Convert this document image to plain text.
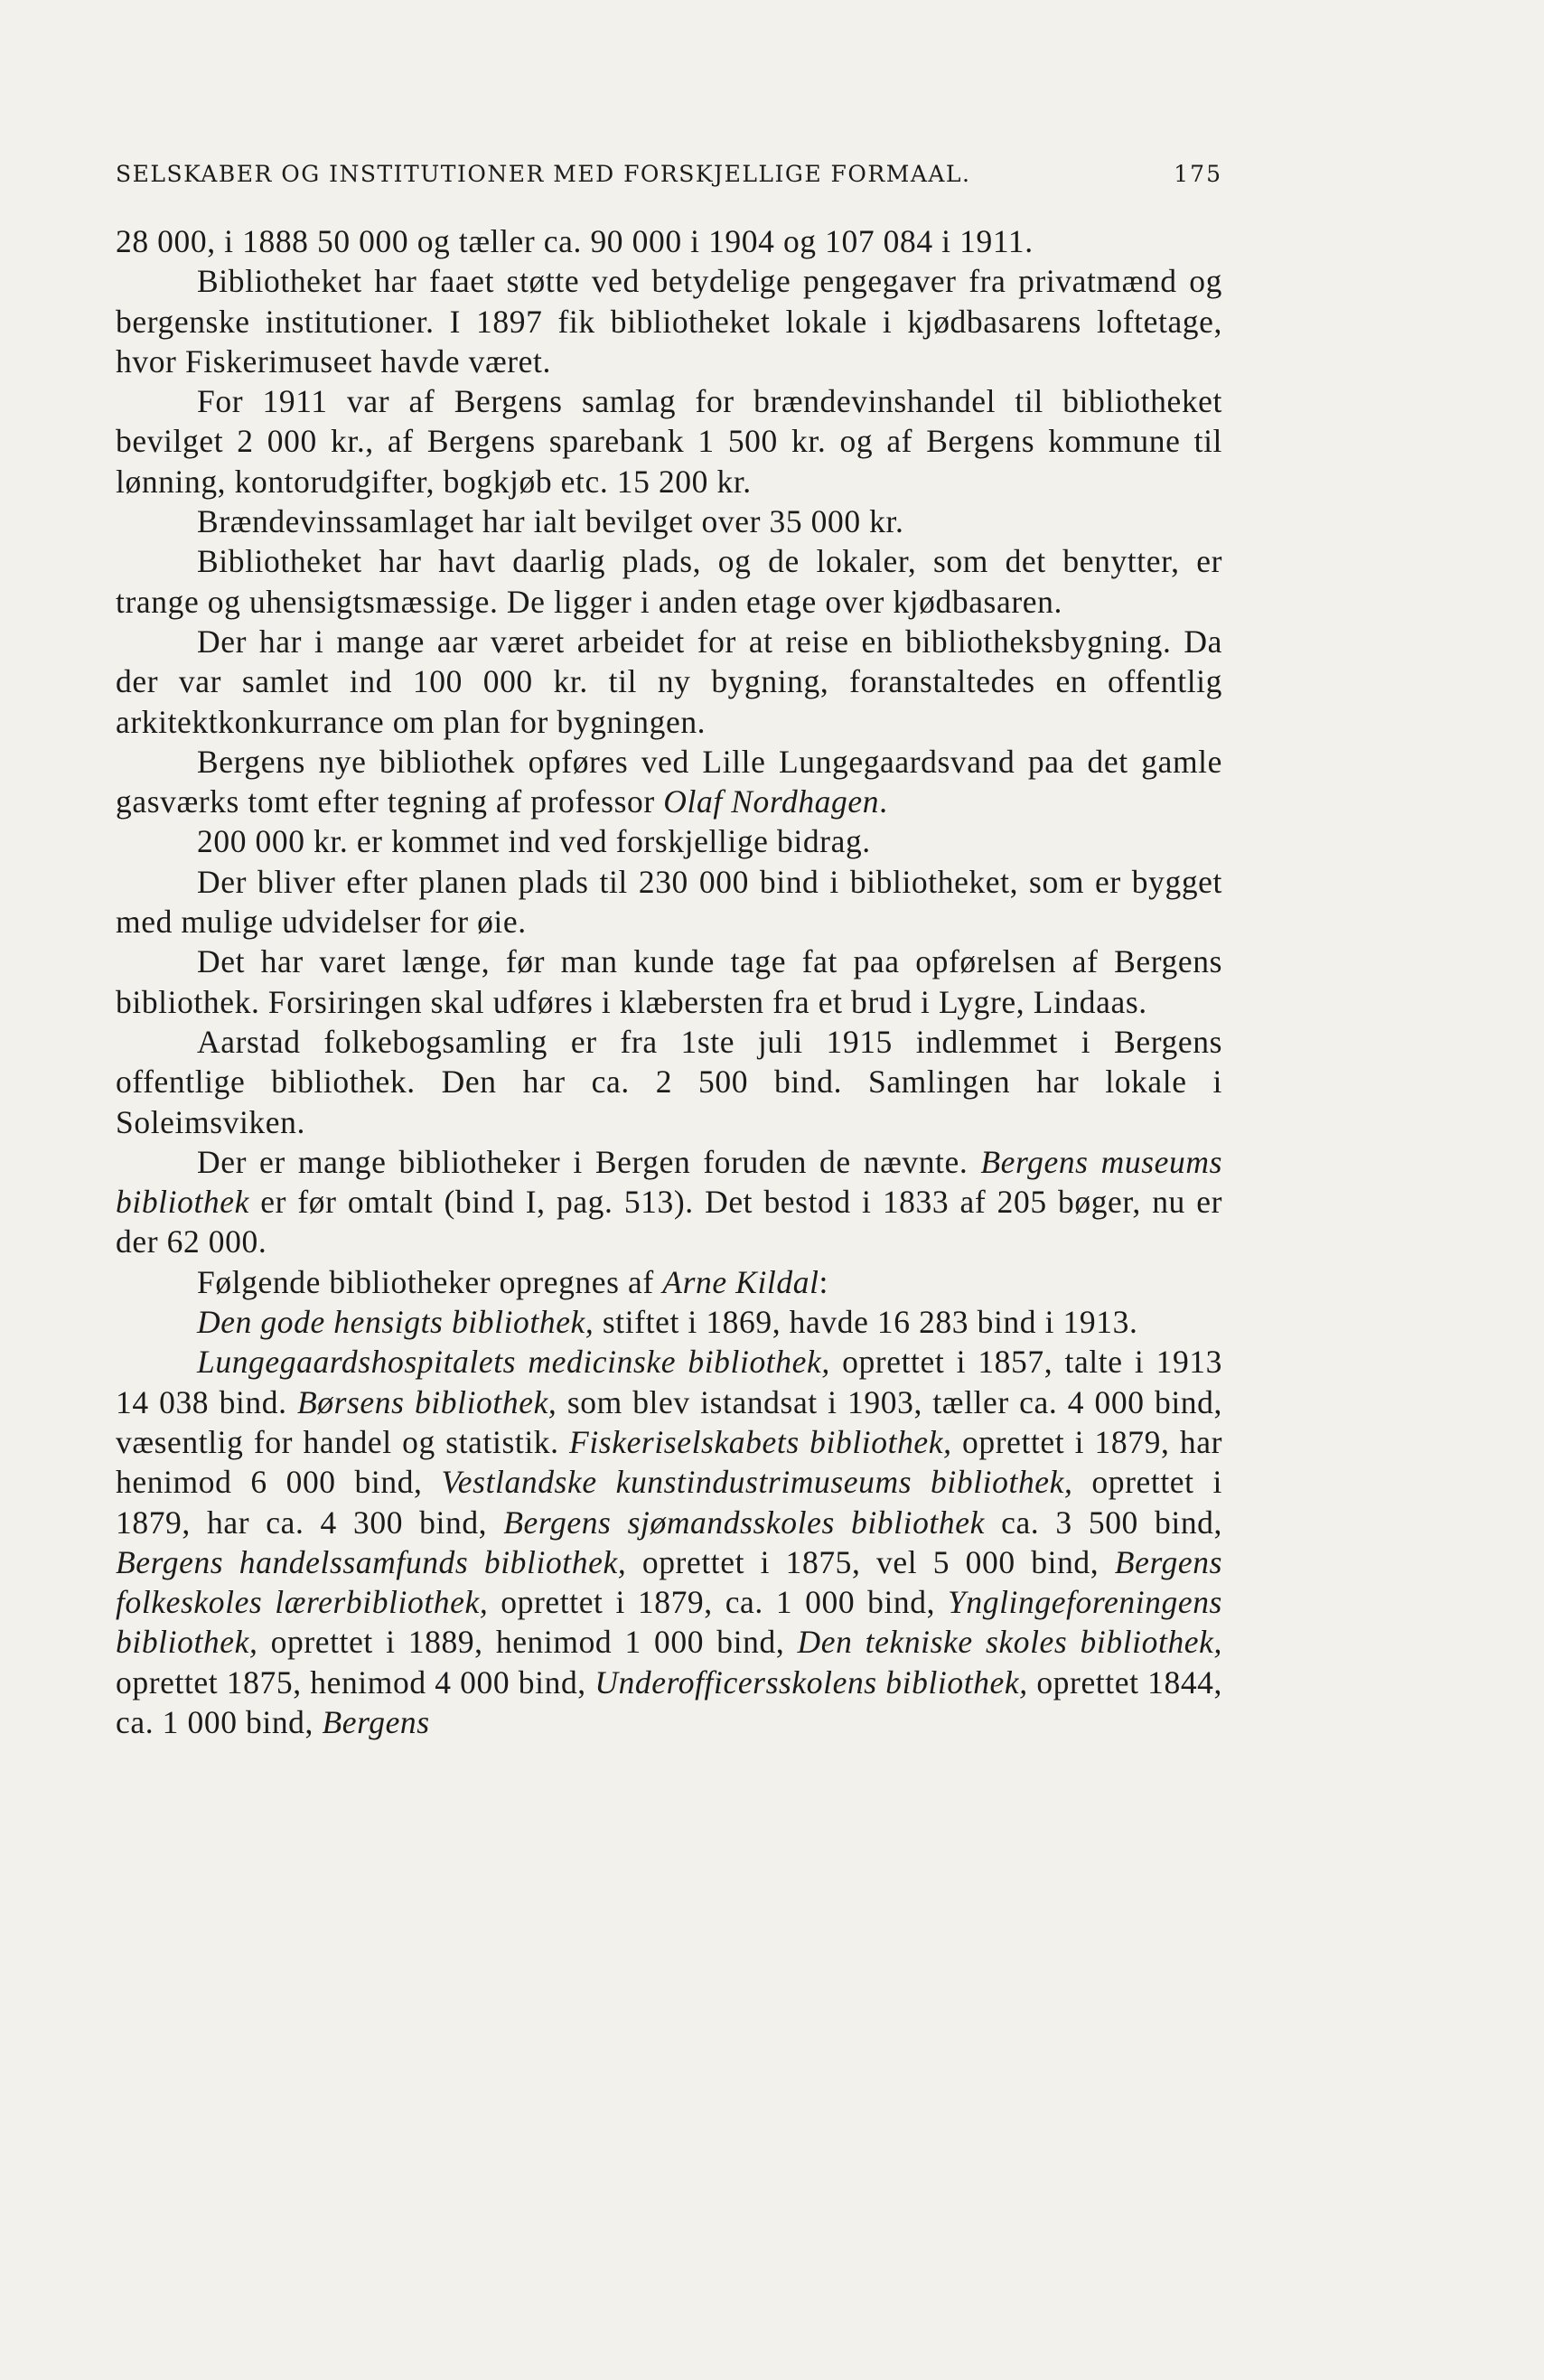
SELSKABER OG INSTITUTIONER MED FORSKJELLIGE FORMAAL.	175

28 000, i 1888 50 000 og tæller ca. 90 000 i 1904 og 107 084 i 1911.

Bibliotheket har faaet støtte ved betydelige pengegaver fra privatmænd og bergenske institutioner. I 1897 fik bibliotheket lokale i kjødbasarens loftetage, hvor Fiskerimuseet havde været.

For 1911 var af Bergens samlag for brændevinshandel til bibliotheket bevilget 2 000 kr., af Bergens sparebank 1 500 kr. og af Bergens kommune til lønning, kontorudgifter, bogkjøb etc. 15 200 kr.

Brændevinssamlaget har ialt bevilget over 35 000 kr.

Bibliotheket har havt daarlig plads, og de lokaler, som det benytter, er trange og uhensigtsmæssige. De ligger i anden etage over kjødbasaren.

Der har i mange aar været arbeidet for at reise en bibliotheksbygning. Da der var samlet ind 100 000 kr. til ny bygning, foranstaltedes en offentlig arkitektkonkurrance om plan for bygningen.

Bergens nye bibliothek opføres ved Lille Lungegaardsvand paa det gamle gasværks tomt efter tegning af professor Olaf Nordhagen.

200 000 kr. er kommet ind ved forskjellige bidrag.

Der bliver efter planen plads til 230 000 bind i bibliotheket, som er bygget med mulige udvidelser for øie.

Det har varet længe, før man kunde tage fat paa opførelsen af Bergens bibliothek. Forsiringen skal udføres i klæbersten fra et brud i Lygre, Lindaas.

Aarstad folkebogsamling er fra 1ste juli 1915 indlemmet i Bergens offentlige bibliothek. Den har ca. 2 500 bind. Samlingen har lokale i Soleimsviken.

Der er mange bibliotheker i Bergen foruden de nævnte. Bergens museums bibliothek er før omtalt (bind I, pag. 513). Det bestod i 1833 af 205 bøger, nu er der 62 000.

Følgende bibliotheker opregnes af Arne Kildal:

Den gode hensigts bibliothek, stiftet i 1869, havde 16 283 bind i 1913.

Lungegaardshospitalets medicinske bibliothek, oprettet i 1857, talte i 1913 14 038 bind. Børsens bibliothek, som blev istandsat i 1903, tæller ca. 4 000 bind, væsentlig for handel og statistik. Fiskeriselskabets bibliothek, oprettet i 1879, har henimod 6 000 bind, Vestlandske kunstindustrimuseums bibliothek, oprettet i 1879, har ca. 4 300 bind, Bergens sjømandsskoles bibliothek ca. 3 500 bind, Bergens handelssamfunds bibliothek, oprettet i 1875, vel 5 000 bind, Bergens folkeskoles lærerbibliothek, oprettet i 1879, ca. 1 000 bind, Ynglingeforeningens bibliothek, oprettet i 1889, henimod 1 000 bind, Den tekniske skoles bibliothek, oprettet 1875, henimod 4 000 bind, Underofficersskolens bibliothek, oprettet 1844, ca. 1 000 bind, Bergens
